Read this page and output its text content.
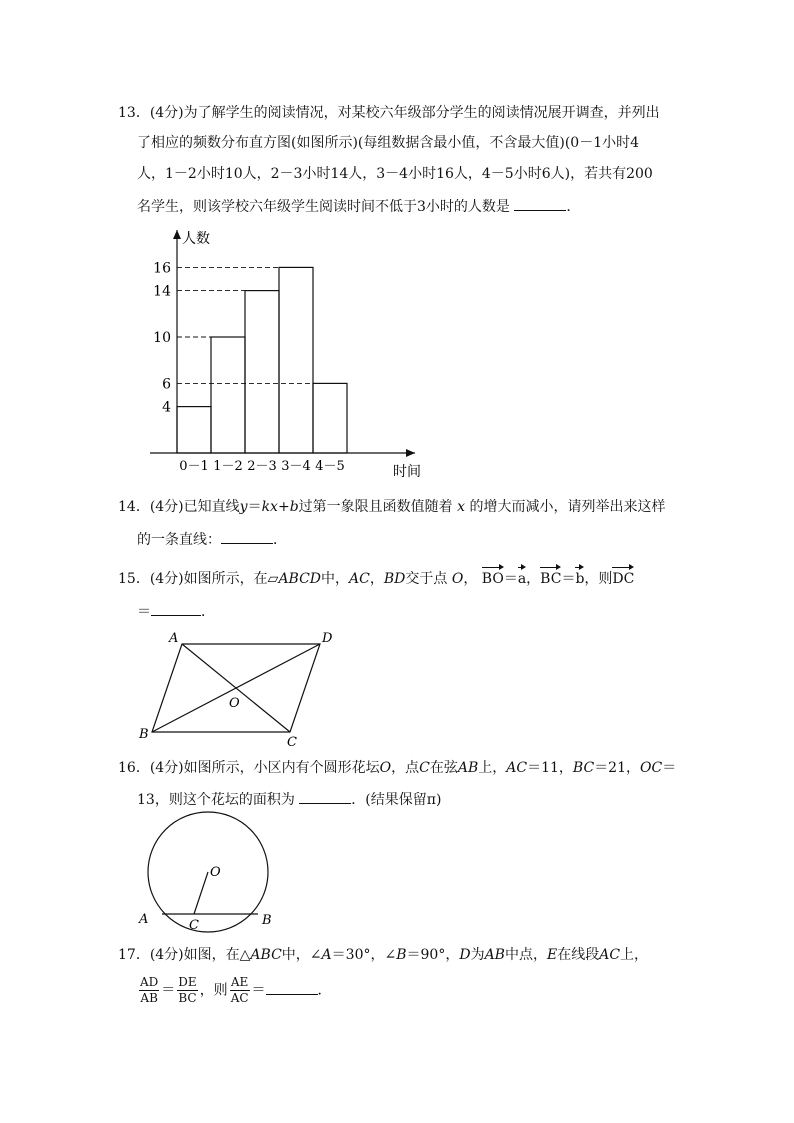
13．(4分)为了解学生的阅读情况，对某校六年级部分学生的阅读情况展开调查，并列出
了相应的频数分布直方图(如图所示)(每组数据含最小值，不含最大值)(0－1小时4
人，1－2小时10人，2－3小时14人，3－4小时16人，4－5小时6人)，若共有200
名学生，则该学校六年级学生阅读时间不低于3小时的人数是	．
4
6
10
14
16
0－1 1－2 2－3 3－4 4－5
人数
时间
14．(4分)已知直线y＝kx+b过第一象限且函数值随着 x 的增大而减小，请列举出来这样
的一条直线：	．
15．(4分)如图所示，在▱ABCD中，AC，BD交于点 O， BO＝a，BC＝b，则DC
＝	．
A	D
B
C
O
16．(4分)如图所示，小区内有个圆形花坛O，点C在弦AB上，AC＝11，BC＝21，OC＝
13，则这个花坛的面积为	．(结果保留π)
O
A	B
C
17．(4分)如图，在△ABC中，∠A＝30°，∠B＝90°，D为AB中点，E在线段AC上，
$\frac{AD}{AB} = \frac{DE}{BC}$ ，则 $\frac{AE}{AC}$ ＝	．
